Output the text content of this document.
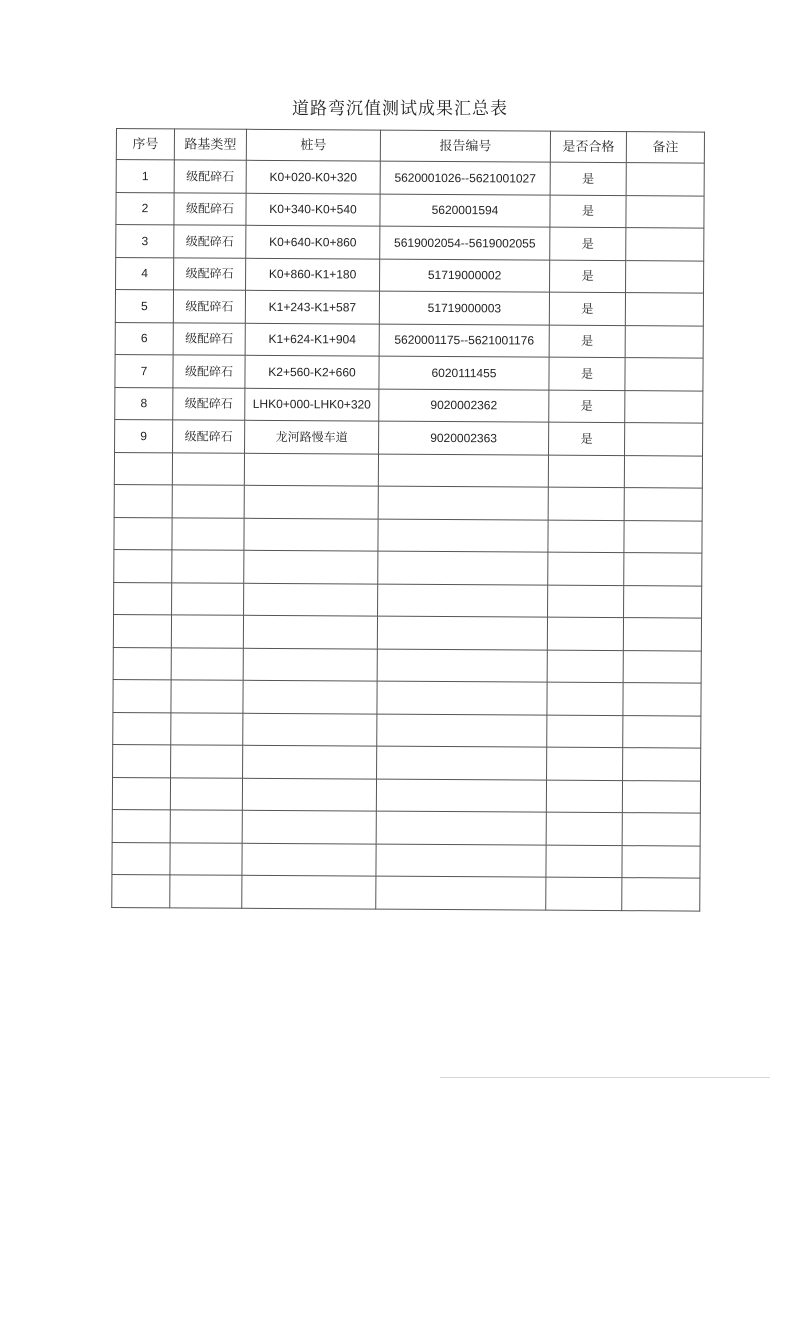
道路弯沉值测试成果汇总表
序号	路基类型	桩号	报告编号	是否合格	备注
1	级配碎石	K0+020-K0+320	5620001026--5621001027	是	
2	级配碎石	K0+340-K0+540	5620001594	是	
3	级配碎石	K0+640-K0+860	5619002054--5619002055	是	
4	级配碎石	K0+860-K1+180	51719000002	是	
5	级配碎石	K1+243-K1+587	51719000003	是	
6	级配碎石	K1+624-K1+904	5620001175--5621001176	是	
7	级配碎石	K2+560-K2+660	6020111455	是	
8	级配碎石	LHK0+000-LHK0+320	9020002362	是	
9	级配碎石	龙河路慢车道	9020002363	是	
